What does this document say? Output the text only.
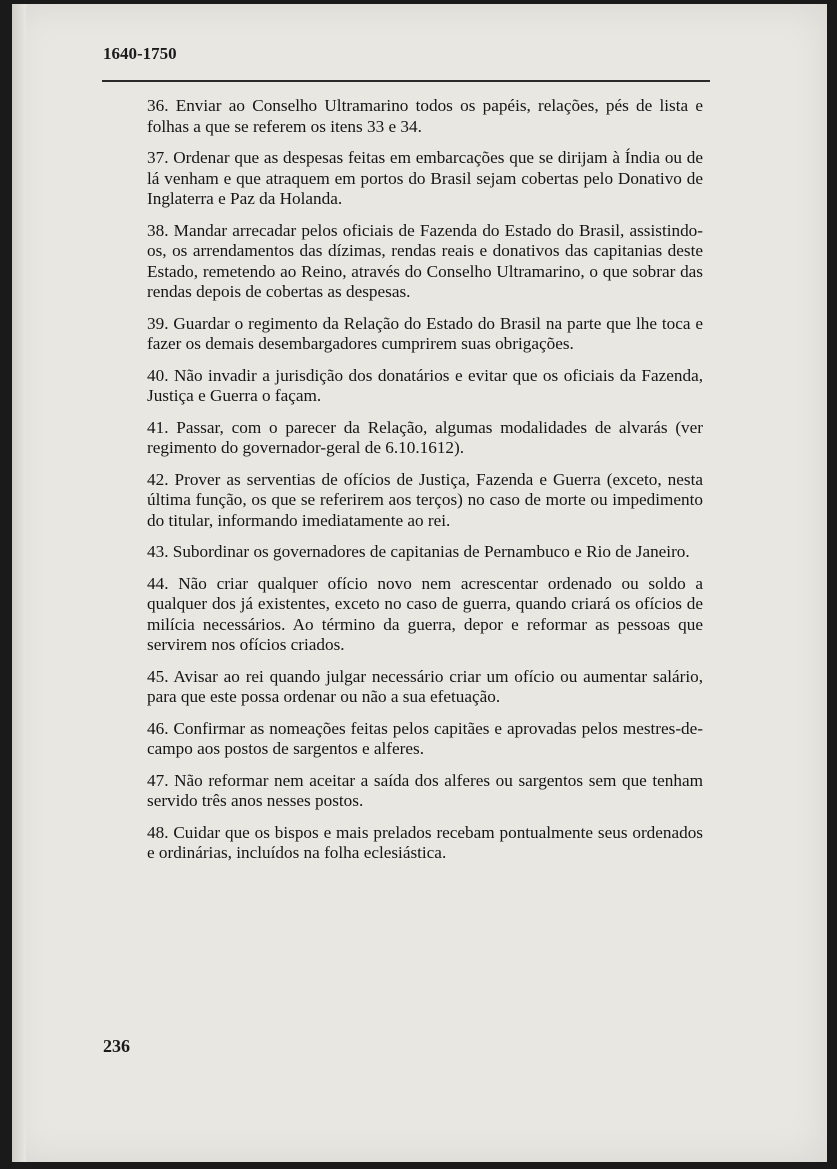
1640-1750

36. Enviar ao Conselho Ultramarino todos os papéis, relações, pés de lista e folhas a que se referem os itens 33 e 34.

37. Ordenar que as despesas feitas em embarcações que se dirijam à Índia ou de lá venham e que atraquem em portos do Brasil sejam cobertas pelo Donativo de Inglaterra e Paz da Holanda.

38. Mandar arrecadar pelos oficiais de Fazenda do Estado do Brasil, assistindo-os, os arrendamentos das dízimas, rendas reais e donativos das capitanias deste Estado, remetendo ao Reino, através do Conselho Ultramarino, o que sobrar das rendas depois de cobertas as despesas.

39. Guardar o regimento da Relação do Estado do Brasil na parte que lhe toca e fazer os demais desembargadores cumprirem suas obrigações.

40. Não invadir a jurisdição dos donatários e evitar que os oficiais da Fazenda, Justiça e Guerra o façam.

41. Passar, com o parecer da Relação, algumas modalidades de alvarás (ver regimento do governador-geral de 6.10.1612).

42. Prover as serventias de ofícios de Justiça, Fazenda e Guerra (exceto, nesta última função, os que se referirem aos terços) no caso de morte ou impedimento do titular, informando imediatamente ao rei.

43. Subordinar os governadores de capitanias de Pernambuco e Rio de Janeiro.

44. Não criar qualquer ofício novo nem acrescentar ordenado ou soldo a qualquer dos já existentes, exceto no caso de guerra, quando criará os ofícios de milícia necessários. Ao término da guerra, depor e reformar as pessoas que servirem nos ofícios criados.

45. Avisar ao rei quando julgar necessário criar um ofício ou aumentar salário, para que este possa ordenar ou não a sua efetuação.

46. Confirmar as nomeações feitas pelos capitães e aprovadas pelos mestres-de-campo aos postos de sargentos e alferes.

47. Não reformar nem aceitar a saída dos alferes ou sargentos sem que tenham servido três anos nesses postos.

48. Cuidar que os bispos e mais prelados recebam pontualmente seus ordenados e ordinárias, incluídos na folha eclesiástica.

236
